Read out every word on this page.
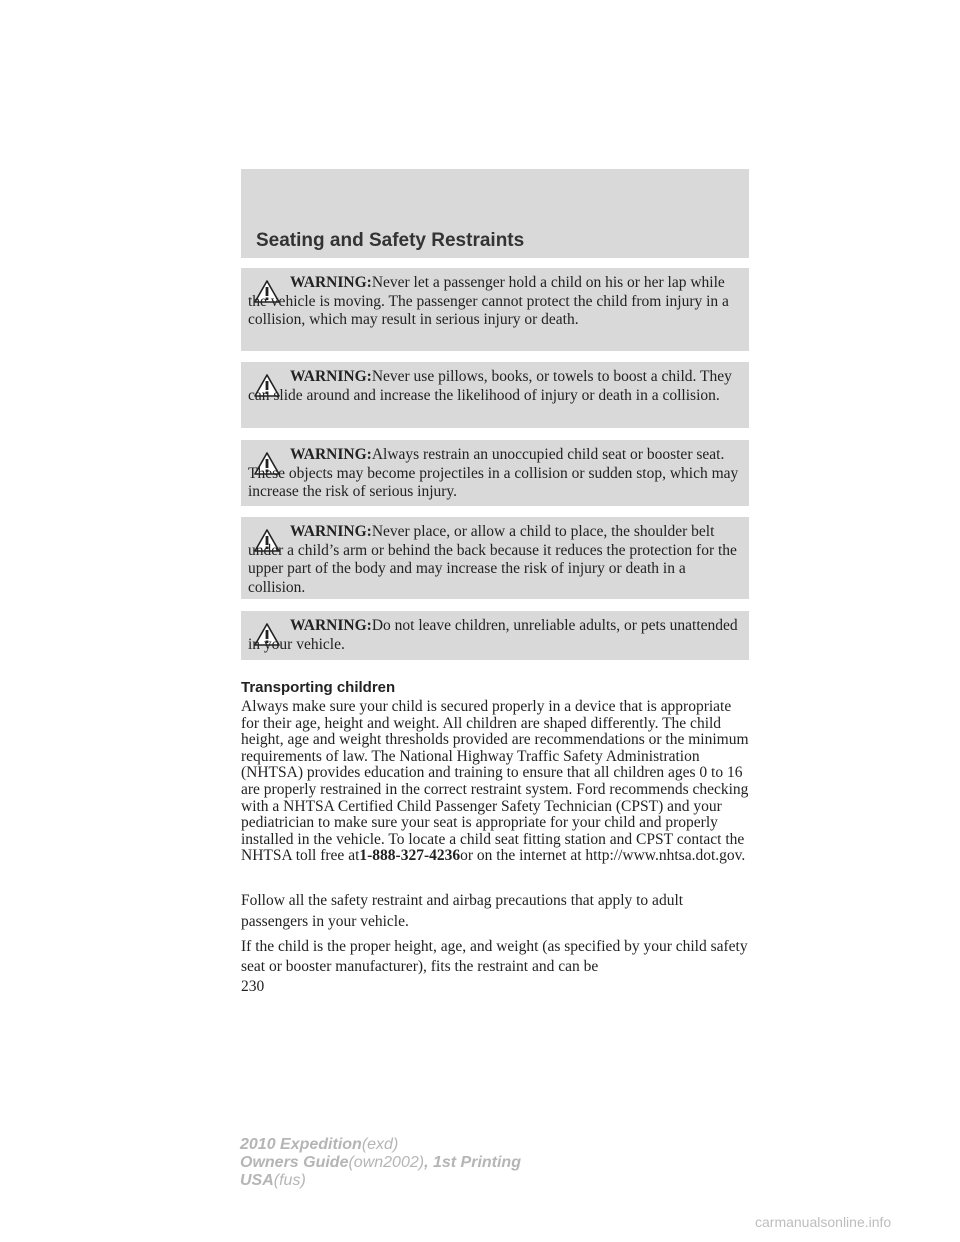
Seating and Safety Restraints

WARNING:Never let a passenger hold a child on his or her lap while the vehicle is moving. The passenger cannot protect the child from injury in a collision, which may result in serious injury or death.

WARNING:Never use pillows, books, or towels to boost a child. They can slide around and increase the likelihood of injury or death in a collision.

WARNING:Always restrain an unoccupied child seat or booster seat. These objects may become projectiles in a collision or sudden stop, which may increase the risk of serious injury.

WARNING:Never place, or allow a child to place, the shoulder belt under a child’s arm or behind the back because it reduces the protection for the upper part of the body and may increase the risk of injury or death in a collision.

WARNING:Do not leave children, unreliable adults, or pets unattended in your vehicle.

Transporting children

Always make sure your child is secured properly in a device that is appropriate for their age, height and weight. All children are shaped differently. The child height, age and weight thresholds provided are recommendations or the minimum requirements of law. The National Highway Traffic Safety Administration (NHTSA) provides education and training to ensure that all children ages 0 to 16 are properly restrained in the correct restraint system. Ford recommends checking with a NHTSA Certified Child Passenger Safety Technician (CPST) and your pediatrician to make sure your seat is appropriate for your child and properly installed in the vehicle. To locate a child seat fitting station and CPST contact the NHTSA toll free at1-888-327-4236or on the internet at http://www.nhtsa.dot.gov.

Follow all the safety restraint and airbag precautions that apply to adult passengers in your vehicle.

If the child is the proper height, age, and weight (as specified by your child safety seat or booster manufacturer), fits the restraint and can be

230
2010 Expedition(exd)
Owners Guide(own2002), 1st Printing
USA(fus)
carmanualsonline.info
